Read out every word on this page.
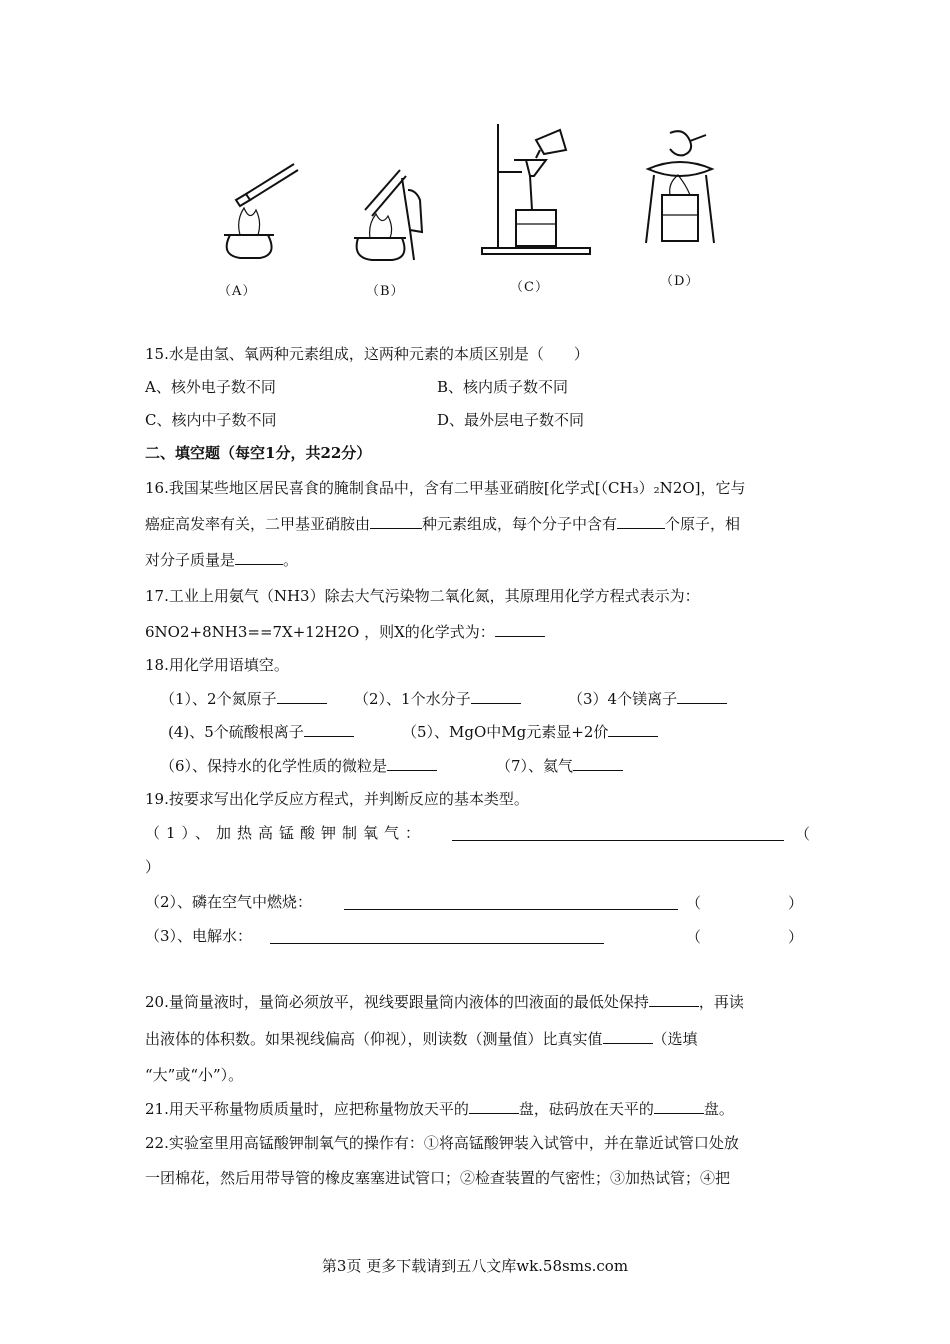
（A）	（B）	（C）	（D）
15.水是由氢、氧两种元素组成，这两种元素的本质区别是（　　）
A、核外电子数不同	B、核内质子数不同
C、核内中子数不同	D、最外层电子数不同
二、填空题（每空1分，共22分）
16.我国某些地区居民喜食的腌制食品中，含有二甲基亚硝胺[化学式[（CH₃）₂N2O]，它与
癌症高发率有关，二甲基亚硝胺由	种元素组成，每个分子中含有	个原子，相
对分子质量是	。
17.工业上用氨气（NH3）除去大气污染物二氧化氮，其原理用化学方程式表示为：
6NO2+8NH3==7X+12H2O ，则X的化学式为：
18.用化学用语填空。
（1）、2个氮原子	（2）、1个水分子	（3）4个镁离子
(4)、5个硫酸根离子	（5）、MgO中Mg元素显+2价
（6）、保持水的化学性质的微粒是	（7）、氦气
19.按要求写出化学反应方程式，并判断反应的基本类型。
（1）、加热高锰酸钾制氧气：	（
）
（2）、磷在空气中燃烧：	（	）
（3）、电解水：	（	）
20.量筒量液时，量筒必须放平，视线要跟量筒内液体的凹液面的最低处保持	，再读
出液体的体积数。如果视线偏高（仰视），则读数（测量值）比真实值	（选填
“大”或“小”）。
21.用天平称量物质质量时，应把称量物放天平的	盘，砝码放在天平的	盘。
22.实验室里用高锰酸钾制氧气的操作有：①将高锰酸钾装入试管中，并在靠近试管口处放
一团棉花，然后用带导管的橡皮塞塞进试管口；②检查装置的气密性；③加热试管；④把
第3页 更多下载请到五八文库wk.58sms.com
